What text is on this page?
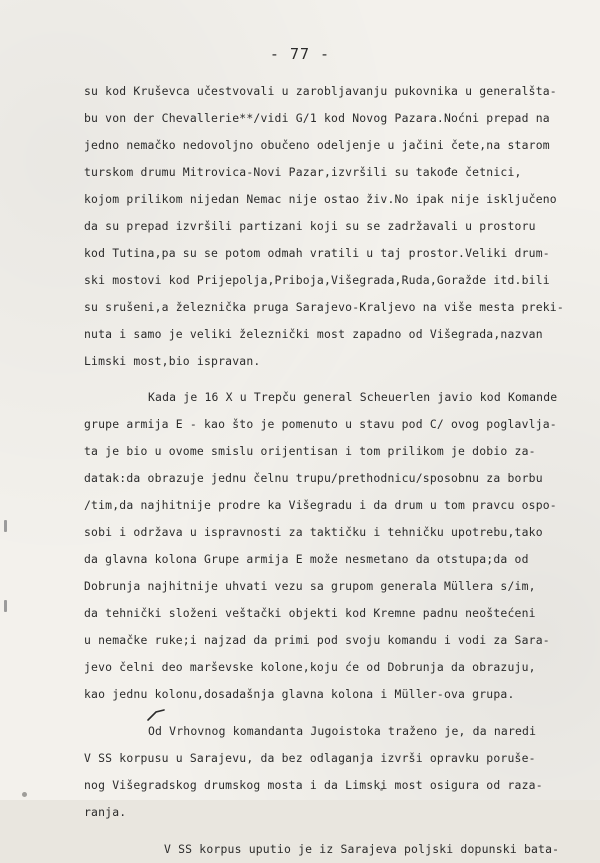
- 77 -
su kod Kruševca učestvovali u zarobljavanju pukovnika u generalšta-
bu von der Chevallerie**/vidi G/1 kod Novog Pazara.Noćni prepad na
jedno nemačko nedovoljno obučeno odeljenje u jačini čete,na starom
turskom drumu Mitrovica-Novi Pazar,izvršili su takođe četnici,
kojom prilikom nijedan Nemac nije ostao živ.No ipak nije isključeno
da su prepad izvršili partizani koji su se zadržavali u prostoru
kod Tutina,pa su se potom odmah vratili u taj prostor.Veliki drum-
ski mostovi kod Prijepolja,Priboja,Višegrada,Ruda,Goražde itd.bili
su srušeni,a železnička pruga Sarajevo-Kraljevo na više mesta preki-
nuta i samo je veliki železnički most zapadno od Višegrada,nazvan
Limski most,bio ispravan.
Kada je 16 X u Trepču general Scheuerlen javio kod Komande
grupe armija E - kao što je pomenuto u stavu pod C/ ovog poglavlja-
ta je bio u ovome smislu orijentisan i tom prilikom je dobio za-
datak:da obrazuje jednu čelnu trupu/prethodnicu/sposobnu za borbu
/tim,da najhitnije prodre ka Višegradu i da drum u tom pravcu ospo-
sobi i održava u ispravnosti za taktičku i tehničku upotrebu,tako
da glavna kolona Grupe armija E može nesmetano da otstupa;da od
Dobrunja najhitnije uhvati vezu sa grupom generala Müllera s/im,
da tehnički složeni veštački objekti kod Kremne padnu neoštećeni
u nemačke ruke;i najzad da primi pod svoju komandu i vodi za Sara-
jevo čelni deo marševske kolone,koju će od Dobrunja da obrazuju,
kao jednu kolonu,dosadašnja glavna kolona i Müller-ova grupa.
Od Vrhovnog komandanta Jugoistoka traženo je, da naredi
V SS korpusu u Sarajevu, da bez odlaganja izvrši opravku poruše-
nog Višegradskog drumskog mosta i da Limski most osigura od raza-
ranja.
V SS korpus uputio je iz Sarajeva poljski dopunski bata-
